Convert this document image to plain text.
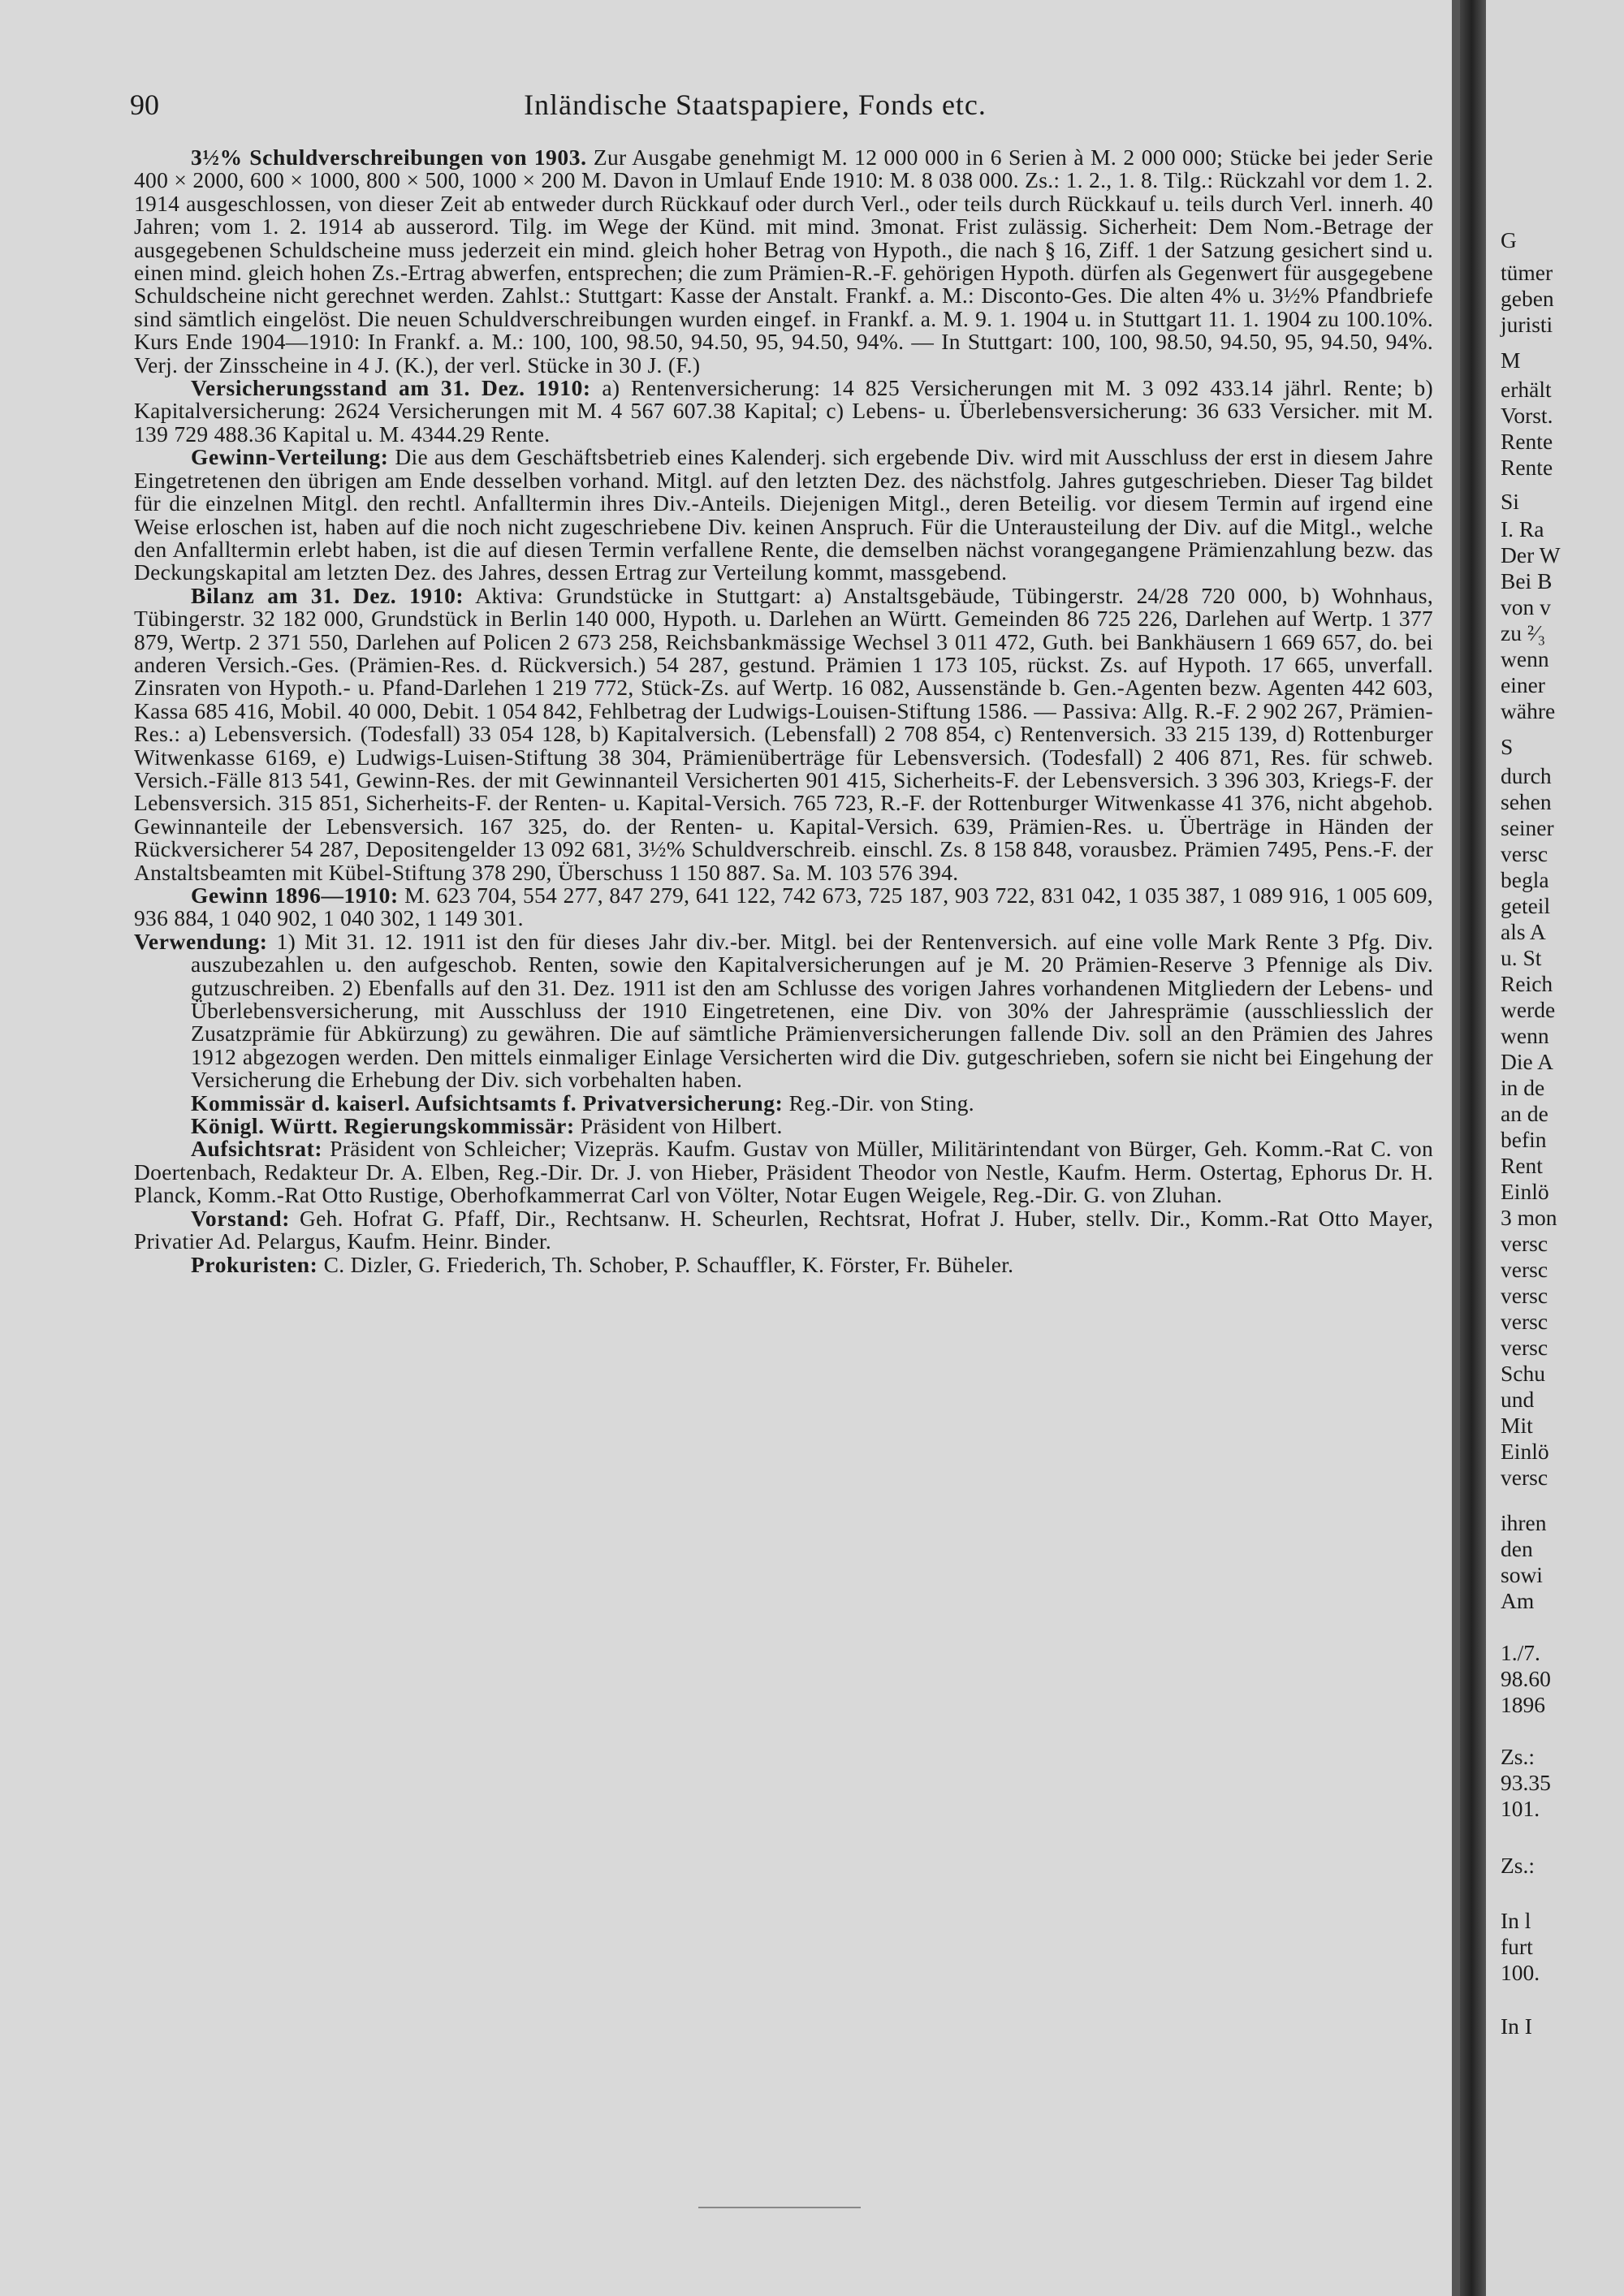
90	Inländische Staatspapiere, Fonds etc.

3½% Schuldverschreibungen von 1903. Zur Ausgabe genehmigt M. 12 000 000 in 6 Serien à M. 2 000 000; Stücke bei jeder Serie 400 × 2000, 600 × 1000, 800 × 500, 1000 × 200 M. Davon in Umlauf Ende 1910: M. 8 038 000. Zs.: 1. 2., 1. 8. Tilg.: Rückzahl vor dem 1. 2. 1914 ausgeschlossen, von dieser Zeit ab entweder durch Rückkauf oder durch Verl., oder teils durch Rückkauf u. teils durch Verl. innerh. 40 Jahren; vom 1. 2. 1914 ab ausserord. Tilg. im Wege der Künd. mit mind. 3monat. Frist zulässig. Sicherheit: Dem Nom.-Betrage der ausgegebenen Schuldscheine muss jederzeit ein mind. gleich hoher Betrag von Hypoth., die nach § 16, Ziff. 1 der Satzung gesichert sind u. einen mind. gleich hohen Zs.-Ertrag abwerfen, entsprechen; die zum Prämien-R.-F. gehörigen Hypoth. dürfen als Gegenwert für ausgegebene Schuldscheine nicht gerechnet werden. Zahlst.: Stuttgart: Kasse der Anstalt. Frankf. a. M.: Disconto-Ges. Die alten 4% u. 3½% Pfandbriefe sind sämtlich eingelöst. Die neuen Schuldverschreibungen wurden eingef. in Frankf. a. M. 9. 1. 1904 u. in Stuttgart 11. 1. 1904 zu 100.10%. Kurs Ende 1904—1910: In Frankf. a. M.: 100, 100, 98.50, 94.50, 95, 94.50, 94%. — In Stuttgart: 100, 100, 98.50, 94.50, 95, 94.50, 94%. Verj. der Zinsscheine in 4 J. (K.), der verl. Stücke in 30 J. (F.)

Versicherungsstand am 31. Dez. 1910: a) Rentenversicherung: 14 825 Versicherungen mit M. 3 092 433.14 jährl. Rente; b) Kapitalversicherung: 2624 Versicherungen mit M. 4 567 607.38 Kapital; c) Lebens- u. Überlebensversicherung: 36 633 Versicher. mit M. 139 729 488.36 Kapital u. M. 4344.29 Rente.

Gewinn-Verteilung: Die aus dem Geschäftsbetrieb eines Kalenderj. sich ergebende Div. wird mit Ausschluss der erst in diesem Jahre Eingetretenen den übrigen am Ende desselben vorhand. Mitgl. auf den letzten Dez. des nächstfolg. Jahres gutgeschrieben. Dieser Tag bildet für die einzelnen Mitgl. den rechtl. Anfalltermin ihres Div.-Anteils. Diejenigen Mitgl., deren Beteilig. vor diesem Termin auf irgend eine Weise erloschen ist, haben auf die noch nicht zugeschriebene Div. keinen Anspruch. Für die Unterausteilung der Div. auf die Mitgl., welche den Anfalltermin erlebt haben, ist die auf diesen Termin verfallene Rente, die demselben nächst vorangegangene Prämienzahlung bezw. das Deckungskapital am letzten Dez. des Jahres, dessen Ertrag zur Verteilung kommt, massgebend.

Bilanz am 31. Dez. 1910: Aktiva: Grundstücke in Stuttgart: a) Anstaltsgebäude, Tübingerstr. 24/28 720 000, b) Wohnhaus, Tübingerstr. 32 182 000, Grundstück in Berlin 140 000, Hypoth. u. Darlehen an Württ. Gemeinden 86 725 226, Darlehen auf Wertp. 1 377 879, Wertp. 2 371 550, Darlehen auf Policen 2 673 258, Reichsbankmässige Wechsel 3 011 472, Guth. bei Bankhäusern 1 669 657, do. bei anderen Versich.-Ges. (Prämien-Res. d. Rückversich.) 54 287, gestund. Prämien 1 173 105, rückst. Zs. auf Hypoth. 17 665, unverfall. Zinsraten von Hypoth.- u. Pfand-Darlehen 1 219 772, Stück-Zs. auf Wertp. 16 082, Aussenstände b. Gen.-Agenten bezw. Agenten 442 603, Kassa 685 416, Mobil. 40 000, Debit. 1 054 842, Fehlbetrag der Ludwigs-Louisen-Stiftung 1586. — Passiva: Allg. R.-F. 2 902 267, Prämien-Res.: a) Lebensversich. (Todesfall) 33 054 128, b) Kapitalversich. (Lebensfall) 2 708 854, c) Rentenversich. 33 215 139, d) Rottenburger Witwenkasse 6169, e) Ludwigs-Luisen-Stiftung 38 304, Prämienüberträge für Lebensversich. (Todesfall) 2 406 871, Res. für schweb. Versich.-Fälle 813 541, Gewinn-Res. der mit Gewinnanteil Versicherten 901 415, Sicherheits-F. der Lebensversich. 3 396 303, Kriegs-F. der Lebensversich. 315 851, Sicherheits-F. der Renten- u. Kapital-Versich. 765 723, R.-F. der Rottenburger Witwenkasse 41 376, nicht abgehob. Gewinnanteile der Lebensversich. 167 325, do. der Renten- u. Kapital-Versich. 639, Prämien-Res. u. Überträge in Händen der Rückversicherer 54 287, Depositengelder 13 092 681, 3½% Schuldverschreib. einschl. Zs. 8 158 848, vorausbez. Prämien 7495, Pens.-F. der Anstaltsbeamten mit Kübel-Stiftung 378 290, Überschuss 1 150 887. Sa. M. 103 576 394.

Gewinn 1896—1910: M. 623 704, 554 277, 847 279, 641 122, 742 673, 725 187, 903 722, 831 042, 1 035 387, 1 089 916, 1 005 609, 936 884, 1 040 902, 1 040 302, 1 149 301.

Verwendung: 1) Mit 31. 12. 1911 ist den für dieses Jahr div.-ber. Mitgl. bei der Rentenversich. auf eine volle Mark Rente 3 Pfg. Div. auszubezahlen u. den aufgeschob. Renten, sowie den Kapitalversicherungen auf je M. 20 Prämien-Reserve 3 Pfennige als Div. gutzuschreiben. 2) Ebenfalls auf den 31. Dez. 1911 ist den am Schlusse des vorigen Jahres vorhandenen Mitgliedern der Lebens- und Überlebensversicherung, mit Ausschluss der 1910 Eingetretenen, eine Div. von 30% der Jahresprämie (ausschliesslich der Zusatzprämie für Abkürzung) zu gewähren. Die auf sämtliche Prämienversicherungen fallende Div. soll an den Prämien des Jahres 1912 abgezogen werden. Den mittels einmaliger Einlage Versicherten wird die Div. gutgeschrieben, sofern sie nicht bei Eingehung der Versicherung die Erhebung der Div. sich vorbehalten haben.

Kommissär d. kaiserl. Aufsichtsamts f. Privatversicherung: Reg.-Dir. von Sting.

Königl. Württ. Regierungskommissär: Präsident von Hilbert.

Aufsichtsrat: Präsident von Schleicher; Vizepräs. Kaufm. Gustav von Müller, Militärintendant von Bürger, Geh. Komm.-Rat C. von Doertenbach, Redakteur Dr. A. Elben, Reg.-Dir. Dr. J. von Hieber, Präsident Theodor von Nestle, Kaufm. Herm. Ostertag, Ephorus Dr. H. Planck, Komm.-Rat Otto Rustige, Oberhofkammerrat Carl von Völter, Notar Eugen Weigele, Reg.-Dir. G. von Zluhan.

Vorstand: Geh. Hofrat G. Pfaff, Dir., Rechtsanw. H. Scheurlen, Rechtsrat, Hofrat J. Huber, stellv. Dir., Komm.-Rat Otto Mayer, Privatier Ad. Pelargus, Kaufm. Heinr. Binder.

Prokuristen: C. Dizler, G. Friederich, Th. Schober, P. Schauffler, K. Förster, Fr. Büheler.

G
tümer
geben
juristi
M
erhält
Vorst.
Rente
Rente
Si
I. Ra
Der W
Bei B
von v
zu ²⁄₃
wenn
einer
währe
S
durch
sehen
seiner
versc
begla
geteil
als A
u. St
Reich
werde
wenn
Die A
in de
an de
befin
Rent
Einlö
3 mon
versc
versc
versc
versc
versc
Schu
und
Mit
Einlö
versc
ihren
den
sowi
Am
1./7.
98.60
1896
Zs.:
93.35
101.
Zs.:
In l
furt
100.
In I
